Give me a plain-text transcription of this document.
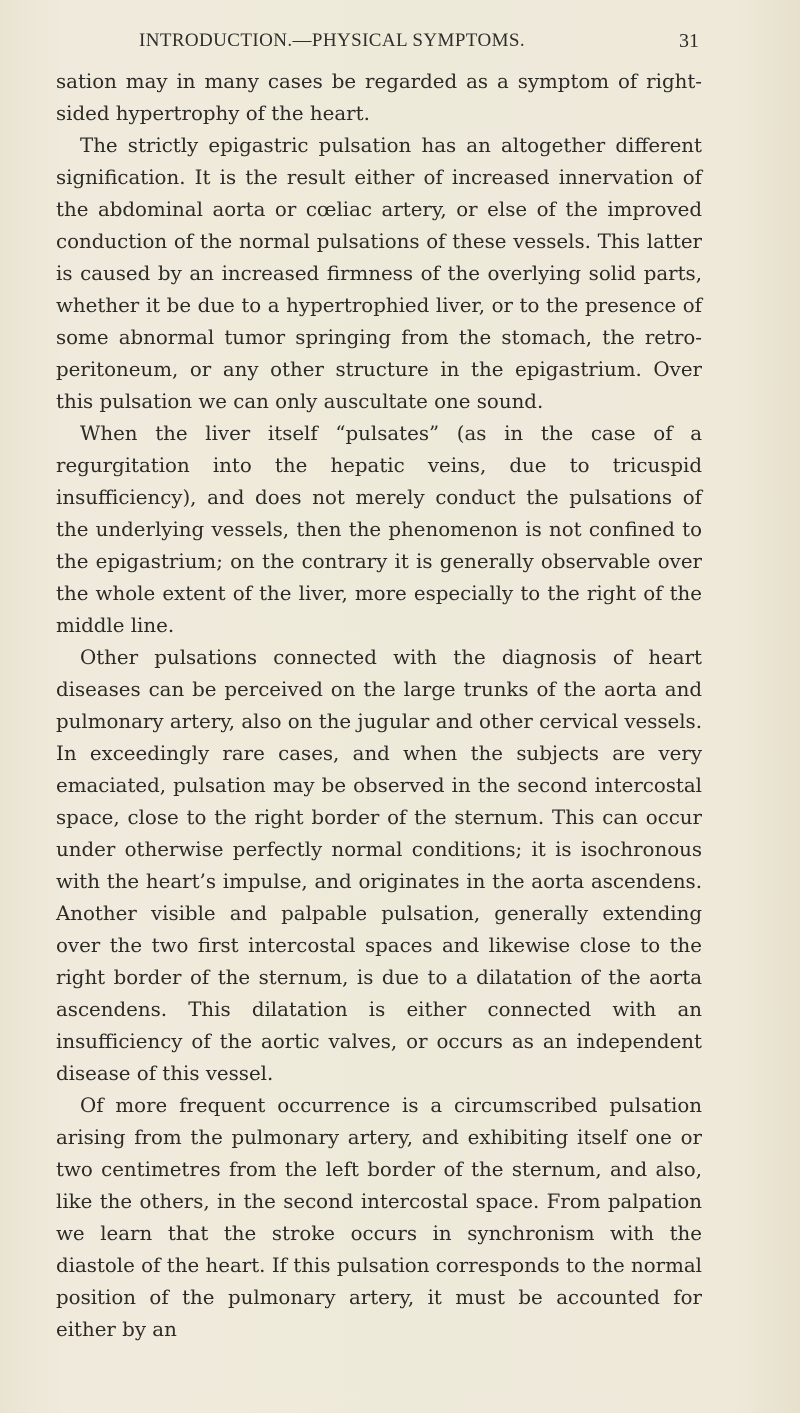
INTRODUCTION.—PHYSICAL SYMPTOMS.	31

sation may in many cases be regarded as a symptom of right-sided hypertrophy of the heart.

The strictly epigastric pulsation has an altogether different signification. It is the result either of increased innervation of the abdominal aorta or cœliac artery, or else of the improved conduction of the normal pulsations of these vessels. This latter is caused by an increased firmness of the overlying solid parts, whether it be due to a hypertrophied liver, or to the presence of some abnormal tumor springing from the stomach, the retro-peritoneum, or any other structure in the epigastrium. Over this pulsation we can only auscultate one sound.

When the liver itself “pulsates” (as in the case of a regurgitation into the hepatic veins, due to tricuspid insufficiency), and does not merely conduct the pulsations of the underlying vessels, then the phenomenon is not confined to the epigastrium; on the contrary it is generally observable over the whole extent of the liver, more especially to the right of the middle line.

Other pulsations connected with the diagnosis of heart diseases can be perceived on the large trunks of the aorta and pulmonary artery, also on the jugular and other cervical vessels. In exceedingly rare cases, and when the subjects are very emaciated, pulsation may be observed in the second intercostal space, close to the right border of the sternum. This can occur under otherwise perfectly normal conditions; it is isochronous with the heart’s impulse, and originates in the aorta ascendens. Another visible and palpable pulsation, generally extending over the two first intercostal spaces and likewise close to the right border of the sternum, is due to a dilatation of the aorta ascendens. This dilatation is either connected with an insufficiency of the aortic valves, or occurs as an independent disease of this vessel.

Of more frequent occurrence is a circumscribed pulsation arising from the pulmonary artery, and exhibiting itself one or two centimetres from the left border of the sternum, and also, like the others, in the second intercostal space. From palpation we learn that the stroke occurs in synchronism with the diastole of the heart. If this pulsation corresponds to the normal position of the pulmonary artery, it must be accounted for either by an
